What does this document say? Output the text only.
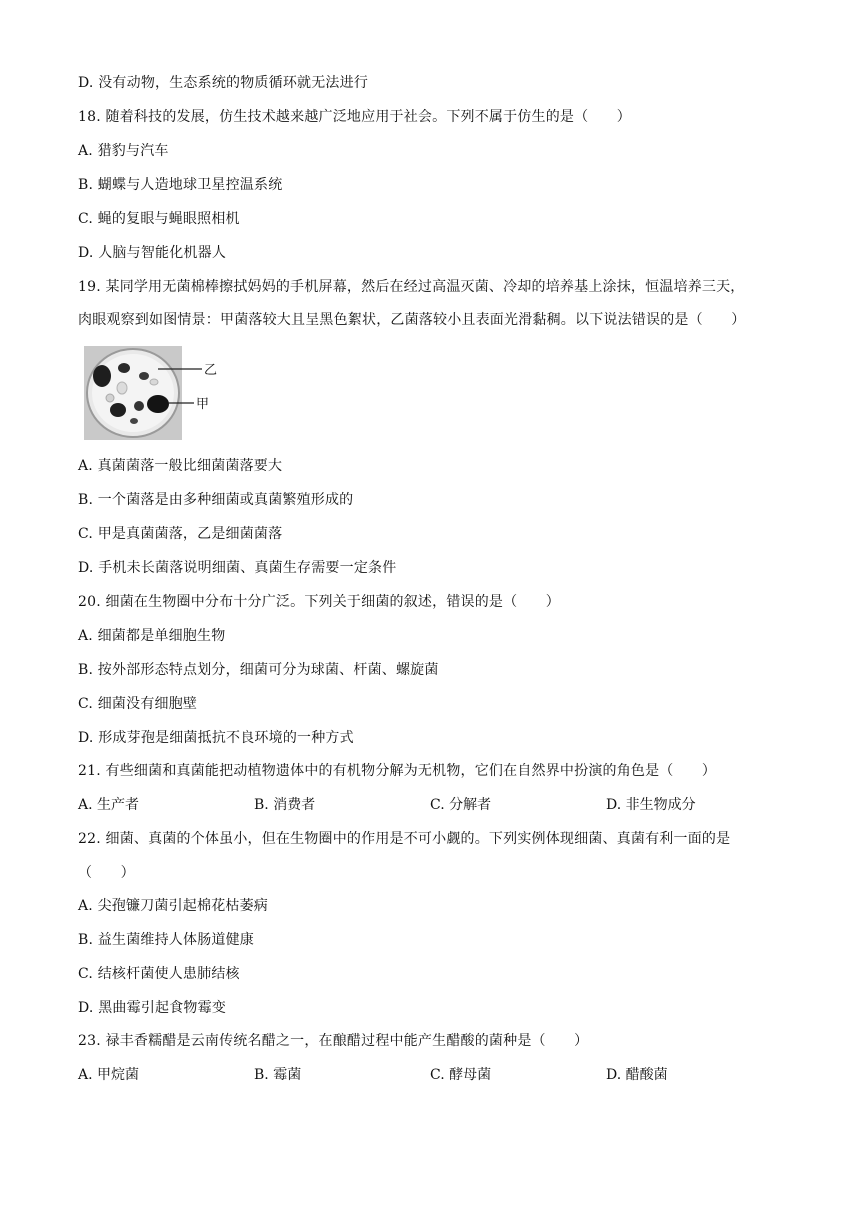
D. 没有动物，生态系统的物质循环就无法进行
18. 随着科技的发展，仿生技术越来越广泛地应用于社会。下列不属于仿生的是（　　）
A. 猎豹与汽车
B. 蝴蝶与人造地球卫星控温系统
C. 蝇的复眼与蝇眼照相机
D. 人脑与智能化机器人
19. 某同学用无菌棉棒擦拭妈妈的手机屏幕，然后在经过高温灭菌、冷却的培养基上涂抹，恒温培养三天，
肉眼观察到如图情景：甲菌落较大且呈黑色絮状，乙菌落较小且表面光滑黏稠。以下说法错误的是（　　）
乙
甲
A. 真菌菌落一般比细菌菌落要大
B. 一个菌落是由多种细菌或真菌繁殖形成的
C. 甲是真菌菌落，乙是细菌菌落
D. 手机未长菌落说明细菌、真菌生存需要一定条件
20. 细菌在生物圈中分布十分广泛。下列关于细菌的叙述，错误的是（　　）
A. 细菌都是单细胞生物
B. 按外部形态特点划分，细菌可分为球菌、杆菌、螺旋菌
C. 细菌没有细胞壁
D. 形成芽孢是细菌抵抗不良环境的一种方式
21. 有些细菌和真菌能把动植物遗体中的有机物分解为无机物，它们在自然界中扮演的角色是（　　）
A. 生产者	B. 消费者	C. 分解者	D. 非生物成分
22. 细菌、真菌的个体虽小，但在生物圈中的作用是不可小觑的。下列实例体现细菌、真菌有利一面的是
（　　）
A. 尖孢镰刀菌引起棉花枯萎病
B. 益生菌维持人体肠道健康
C. 结核杆菌使人患肺结核
D. 黑曲霉引起食物霉变
23. 禄丰香糯醋是云南传统名醋之一，在酿醋过程中能产生醋酸的菌种是（　　）
A. 甲烷菌	B. 霉菌	C. 酵母菌	D. 醋酸菌
